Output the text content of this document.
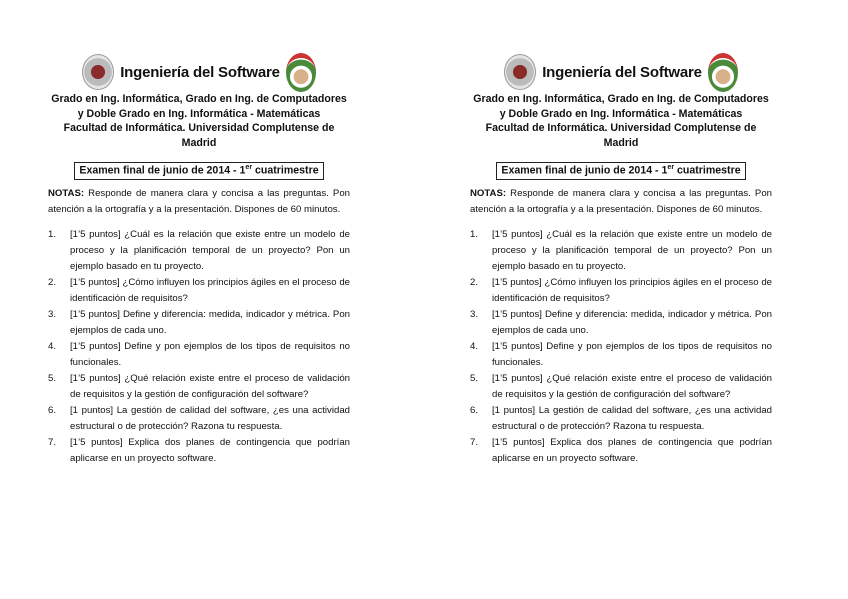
Ingeniería del Software
Grado en Ing. Informática, Grado en Ing. de Computadores
y Doble Grado en Ing. Informática - Matemáticas
Facultad de Informática. Universidad Complutense de Madrid
Examen final de junio de 2014 - 1er cuatrimestre
NOTAS: Responde de manera clara y concisa a las preguntas. Pon atención a la ortografía y a la presentación. Dispones de 60 minutos.
1.	[1’5 puntos] ¿Cuál es la relación que existe entre un modelo de proceso y la planificación temporal de un proyecto? Pon un ejemplo basado en tu proyecto.
2.	[1’5 puntos] ¿Cómo influyen los principios ágiles en el proceso de identificación de requisitos?
3.	[1’5 puntos] Define y diferencia: medida, indicador y métrica. Pon ejemplos de cada uno.
4.	[1’5 puntos] Define y pon ejemplos de los tipos de requisitos no funcionales.
5.	[1’5 puntos] ¿Qué relación existe entre el proceso de validación de requisitos y la gestión de configuración del software?
6.	[1 puntos] La gestión de calidad del software, ¿es una actividad estructural o de protección? Razona tu respuesta.
7.	[1’5 puntos] Explica dos planes de contingencia que podrían aplicarse en un proyecto software.
Ingeniería del Software
Grado en Ing. Informática, Grado en Ing. de Computadores
y Doble Grado en Ing. Informática - Matemáticas
Facultad de Informática. Universidad Complutense de Madrid
Examen final de junio de 2014 - 1er cuatrimestre
NOTAS: Responde de manera clara y concisa a las preguntas. Pon atención a la ortografía y a la presentación. Dispones de 60 minutos.
1.	[1’5 puntos] ¿Cuál es la relación que existe entre un modelo de proceso y la planificación temporal de un proyecto? Pon un ejemplo basado en tu proyecto.
2.	[1’5 puntos] ¿Cómo influyen los principios ágiles en el proceso de identificación de requisitos?
3.	[1’5 puntos] Define y diferencia: medida, indicador y métrica. Pon ejemplos de cada uno.
4.	[1’5 puntos] Define y pon ejemplos de los tipos de requisitos no funcionales.
5.	[1’5 puntos] ¿Qué relación existe entre el proceso de validación de requisitos y la gestión de configuración del software?
6.	[1 puntos] La gestión de calidad del software, ¿es una actividad estructural o de protección? Razona tu respuesta.
7.	[1’5 puntos] Explica dos planes de contingencia que podrían aplicarse en un proyecto software.
